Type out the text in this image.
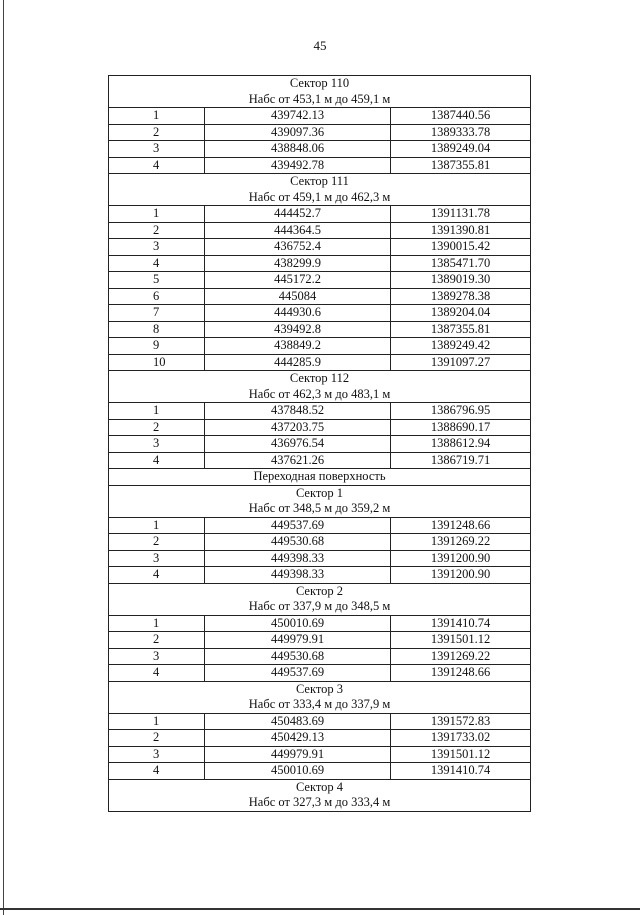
45
Сектор 110		
Набс от 453,1 м до 459,1 м		
1	439742.13	1387440.56
2	439097.36	1389333.78
3	438848.06	1389249.04
4	439492.78	1387355.81
Сектор 111		
Набс от 459,1 м до 462,3 м		
1	444452.7	1391131.78
2	444364.5	1391390.81
3	436752.4	1390015.42
4	438299.9	1385471.70
5	445172.2	1389019.30
6	445084	1389278.38
7	444930.6	1389204.04
8	439492.8	1387355.81
9	438849.2	1389249.42
10	444285.9	1391097.27
Сектор 112		
Набс от 462,3 м до 483,1 м		
1	437848.52	1386796.95
2	437203.75	1388690.17
3	436976.54	1388612.94
4	437621.26	1386719.71
Переходная поверхность		
Сектор 1		
Набс от 348,5 м до 359,2 м		
1	449537.69	1391248.66
2	449530.68	1391269.22
3	449398.33	1391200.90
4	449398.33	1391200.90
Сектор 2		
Набс от 337,9 м до 348,5 м		
1	450010.69	1391410.74
2	449979.91	1391501.12
3	449530.68	1391269.22
4	449537.69	1391248.66
Сектор 3		
Набс от 333,4 м до 337,9 м		
1	450483.69	1391572.83
2	450429.13	1391733.02
3	449979.91	1391501.12
4	450010.69	1391410.74
Сектор 4		
Набс от 327,3 м до 333,4 м		
